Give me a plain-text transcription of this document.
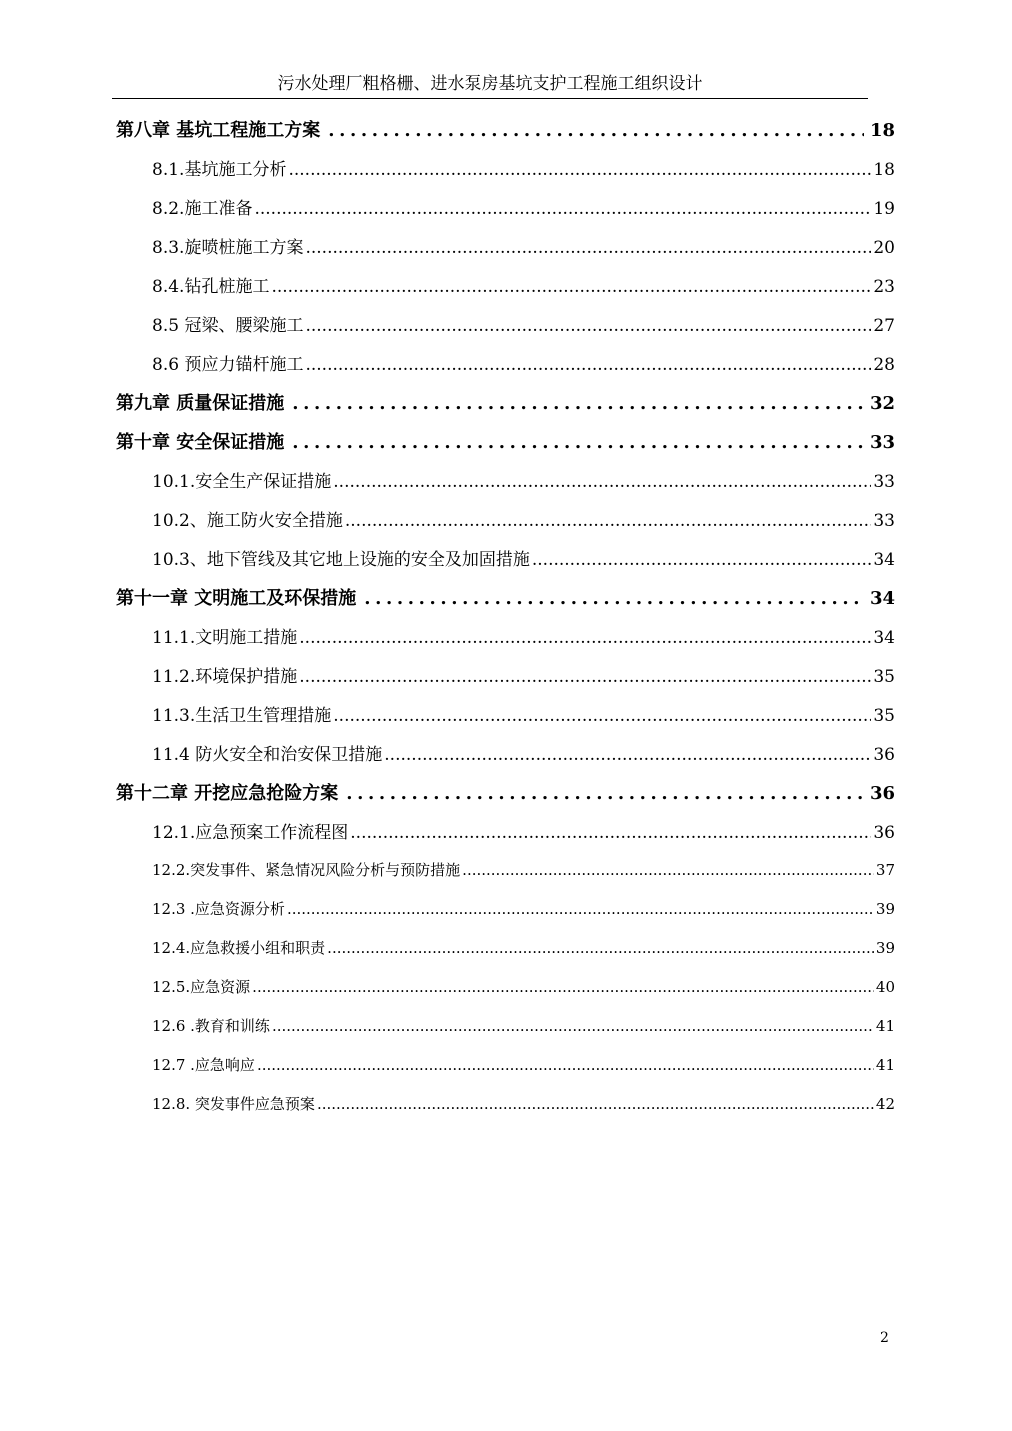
污水处理厂粗格栅、进水泵房基坑支护工程施工组织设计
第八章 基坑工程施工方案 .....	18
8.1.基坑施工分析 .....	18
8.2.施工准备 .....	19
8.3.旋喷桩施工方案 .....	20
8.4.钻孔桩施工 .....	23
8.5 冠梁、腰梁施工 .....	27
8.6 预应力锚杆施工 .....	28
第九章 质量保证措施 .....	32
第十章 安全保证措施 .....	33
10.1.安全生产保证措施 .....	33
10.2、施工防火安全措施 .....	33
10.3、地下管线及其它地上设施的安全及加固措施 .....	34
第十一章 文明施工及环保措施 .....	34
11.1.文明施工措施 .....	34
11.2.环境保护措施 .....	35
11.3.生活卫生管理措施 .....	35
11.4 防火安全和治安保卫措施 .....	36
第十二章 开挖应急抢险方案 .....	36
12.1.应急预案工作流程图 .....	36
12.2.突发事件、紧急情况风险分析与预防措施 .....	37
12.3 .应急资源分析 .....	39
12.4.应急救援小组和职责 .....	39
12.5.应急资源 .....	40
12.6 .教育和训练 .....	41
12.7 .应急响应 .....	41
12.8. 突发事件应急预案 .....	42
2
